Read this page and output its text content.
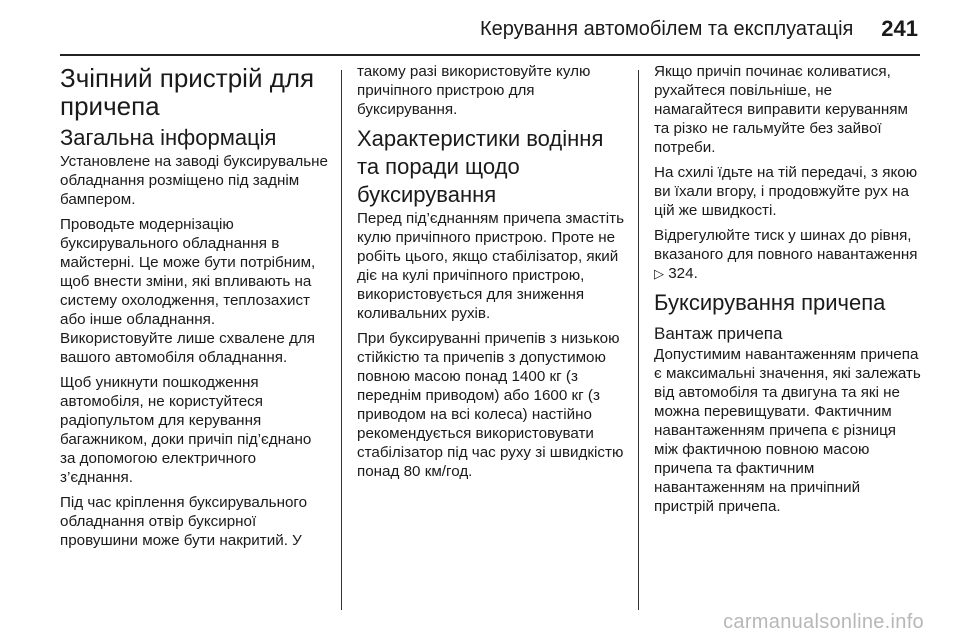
Керування автомобілем та експлуатація 241
Зчіпний пристрій для причепа
Загальна інформація

Установлене на заводі буксирувальне обладнання розміщено під заднім бампером.

Проводьте модернізацію буксирувального обладнання в майстерні. Це може бути потрібним, щоб внести зміни, які впливають на систему охолодження, теплозахист або інше обладнання. Використовуйте лише схвалене для вашого автомобіля обладнання.

Щоб уникнути пошкодження автомобіля, не користуйтеся радіопультом для керування багажником, доки причіп під’єднано за допомогою електричного з’єднання.

Під час кріплення буксирувального обладнання отвір буксирної провушини може бути накритий. У

такому разі використовуйте кулю причіпного пристрою для буксирування.

Характеристики водіння та поради щодо буксирування

Перед під’єднанням причепа змастіть кулю причіпного пристрою. Проте не робіть цього, якщо стабілізатор, який діє на кулі причіпного пристрою, використовується для зниження коливальних рухів.

При буксируванні причепів з низькою стійкістю та причепів з допустимою повною масою понад 1400 кг (з переднім приводом) або 1600 кг (з приводом на всі колеса) настійно рекомендується використовувати стабілізатор під час руху зі швидкістю понад 80 км/год.

Якщо причіп починає коливатися, рухайтеся повільніше, не намагайтеся виправити керуванням та різко не гальмуйте без зайвої потреби.

На схилі їдьте на тій передачі, з якою ви їхали вгору, і продовжуйте рух на цій же швидкості.

Відрегулюйте тиск у шинах до рівня, вказаного для повного навантаження ▷ 324.

Буксирування причепа
Вантаж причепа

Допустимим навантаженням причепа є максимальні значення, які залежать від автомобіля та двигуна та які не можна перевищувати. Фактичним навантаженням причепа є різниця між фактичною повною масою причепа та фактичним навантаженням на причіпний пристрій причепа.

carmanualsonline.info
